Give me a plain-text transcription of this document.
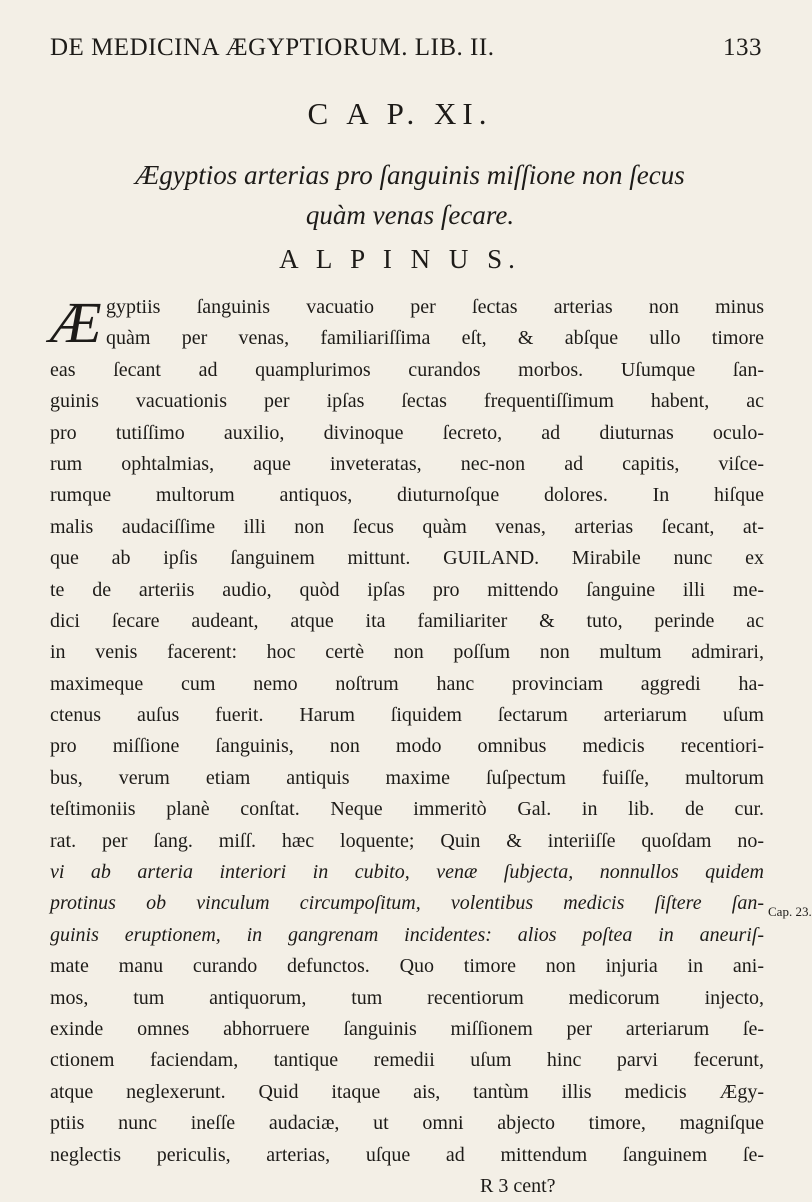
DE MEDICINA ÆGYPTIORUM. LIB. II.	133
C A P. XI.
Ægyptios arterias pro ſanguinis miſſione non ſecus
quàm venas ſecare.
A L P I N U S.
Æ gyptiis ſanguinis vacuatio per ſectas arterias non minus
quàm per venas, familiariſſima eſt, & abſque ullo timore
eas ſecant ad quamplurimos curandos morbos. Uſumque ſan-
guinis vacuationis per ipſas ſectas frequentiſſimum habent, ac
pro tutiſſimo auxilio, divinoque ſecreto, ad diuturnas oculo-
rum ophtalmias, aque inveteratas, nec-non ad capitis, viſce-
rumque multorum antiquos, diuturnoſque dolores. In hiſque
malis audaciſſime illi non ſecus quàm venas, arterias ſecant, at-
que ab ipſis ſanguinem mittunt. GUILAND. Mirabile nunc ex
te de arteriis audio, quòd ipſas pro mittendo ſanguine illi me-
dici ſecare audeant, atque ita familiariter & tuto, perinde ac
in venis facerent: hoc certè non poſſum non multum admirari,
maximeque cum nemo noſtrum hanc provinciam aggredi ha-
ctenus auſus fuerit. Harum ſiquidem ſectarum arteriarum uſum
pro miſſione ſanguinis, non modo omnibus medicis recentiori-
bus, verum etiam antiquis maxime ſuſpectum fuiſſe, multorum
teſtimoniis planè conſtat. Neque immeritò Gal. in lib. de cur.
rat. per ſang. miſſ. hæc loquente; Quin & interiiſſe quoſdam no-
vi ab arteria interiori in cubito, venæ ſubjecta, nonnullos quidem
protinus ob vinculum circumpoſitum, volentibus medicis ſiſtere ſan-
guinis eruptionem, in gangrenam incidentes: alios poſtea in aneuriſ-
mate manu curando defunctos. Quo timore non injuria in ani-
mos, tum antiquorum, tum recentiorum medicorum injecto,
exinde omnes abhorruere ſanguinis miſſionem per arteriarum ſe-
ctionem faciendam, tantique remedii uſum hinc parvi fecerunt,
atque neglexerunt. Quid itaque ais, tantùm illis medicis Ægy-
ptiis nunc ineſſe audaciæ, ut omni abjecto timore, magniſque
neglectis periculis, arterias, uſque ad mittendum ſanguinem ſe-
R 3 cent?
Cap. 23.
